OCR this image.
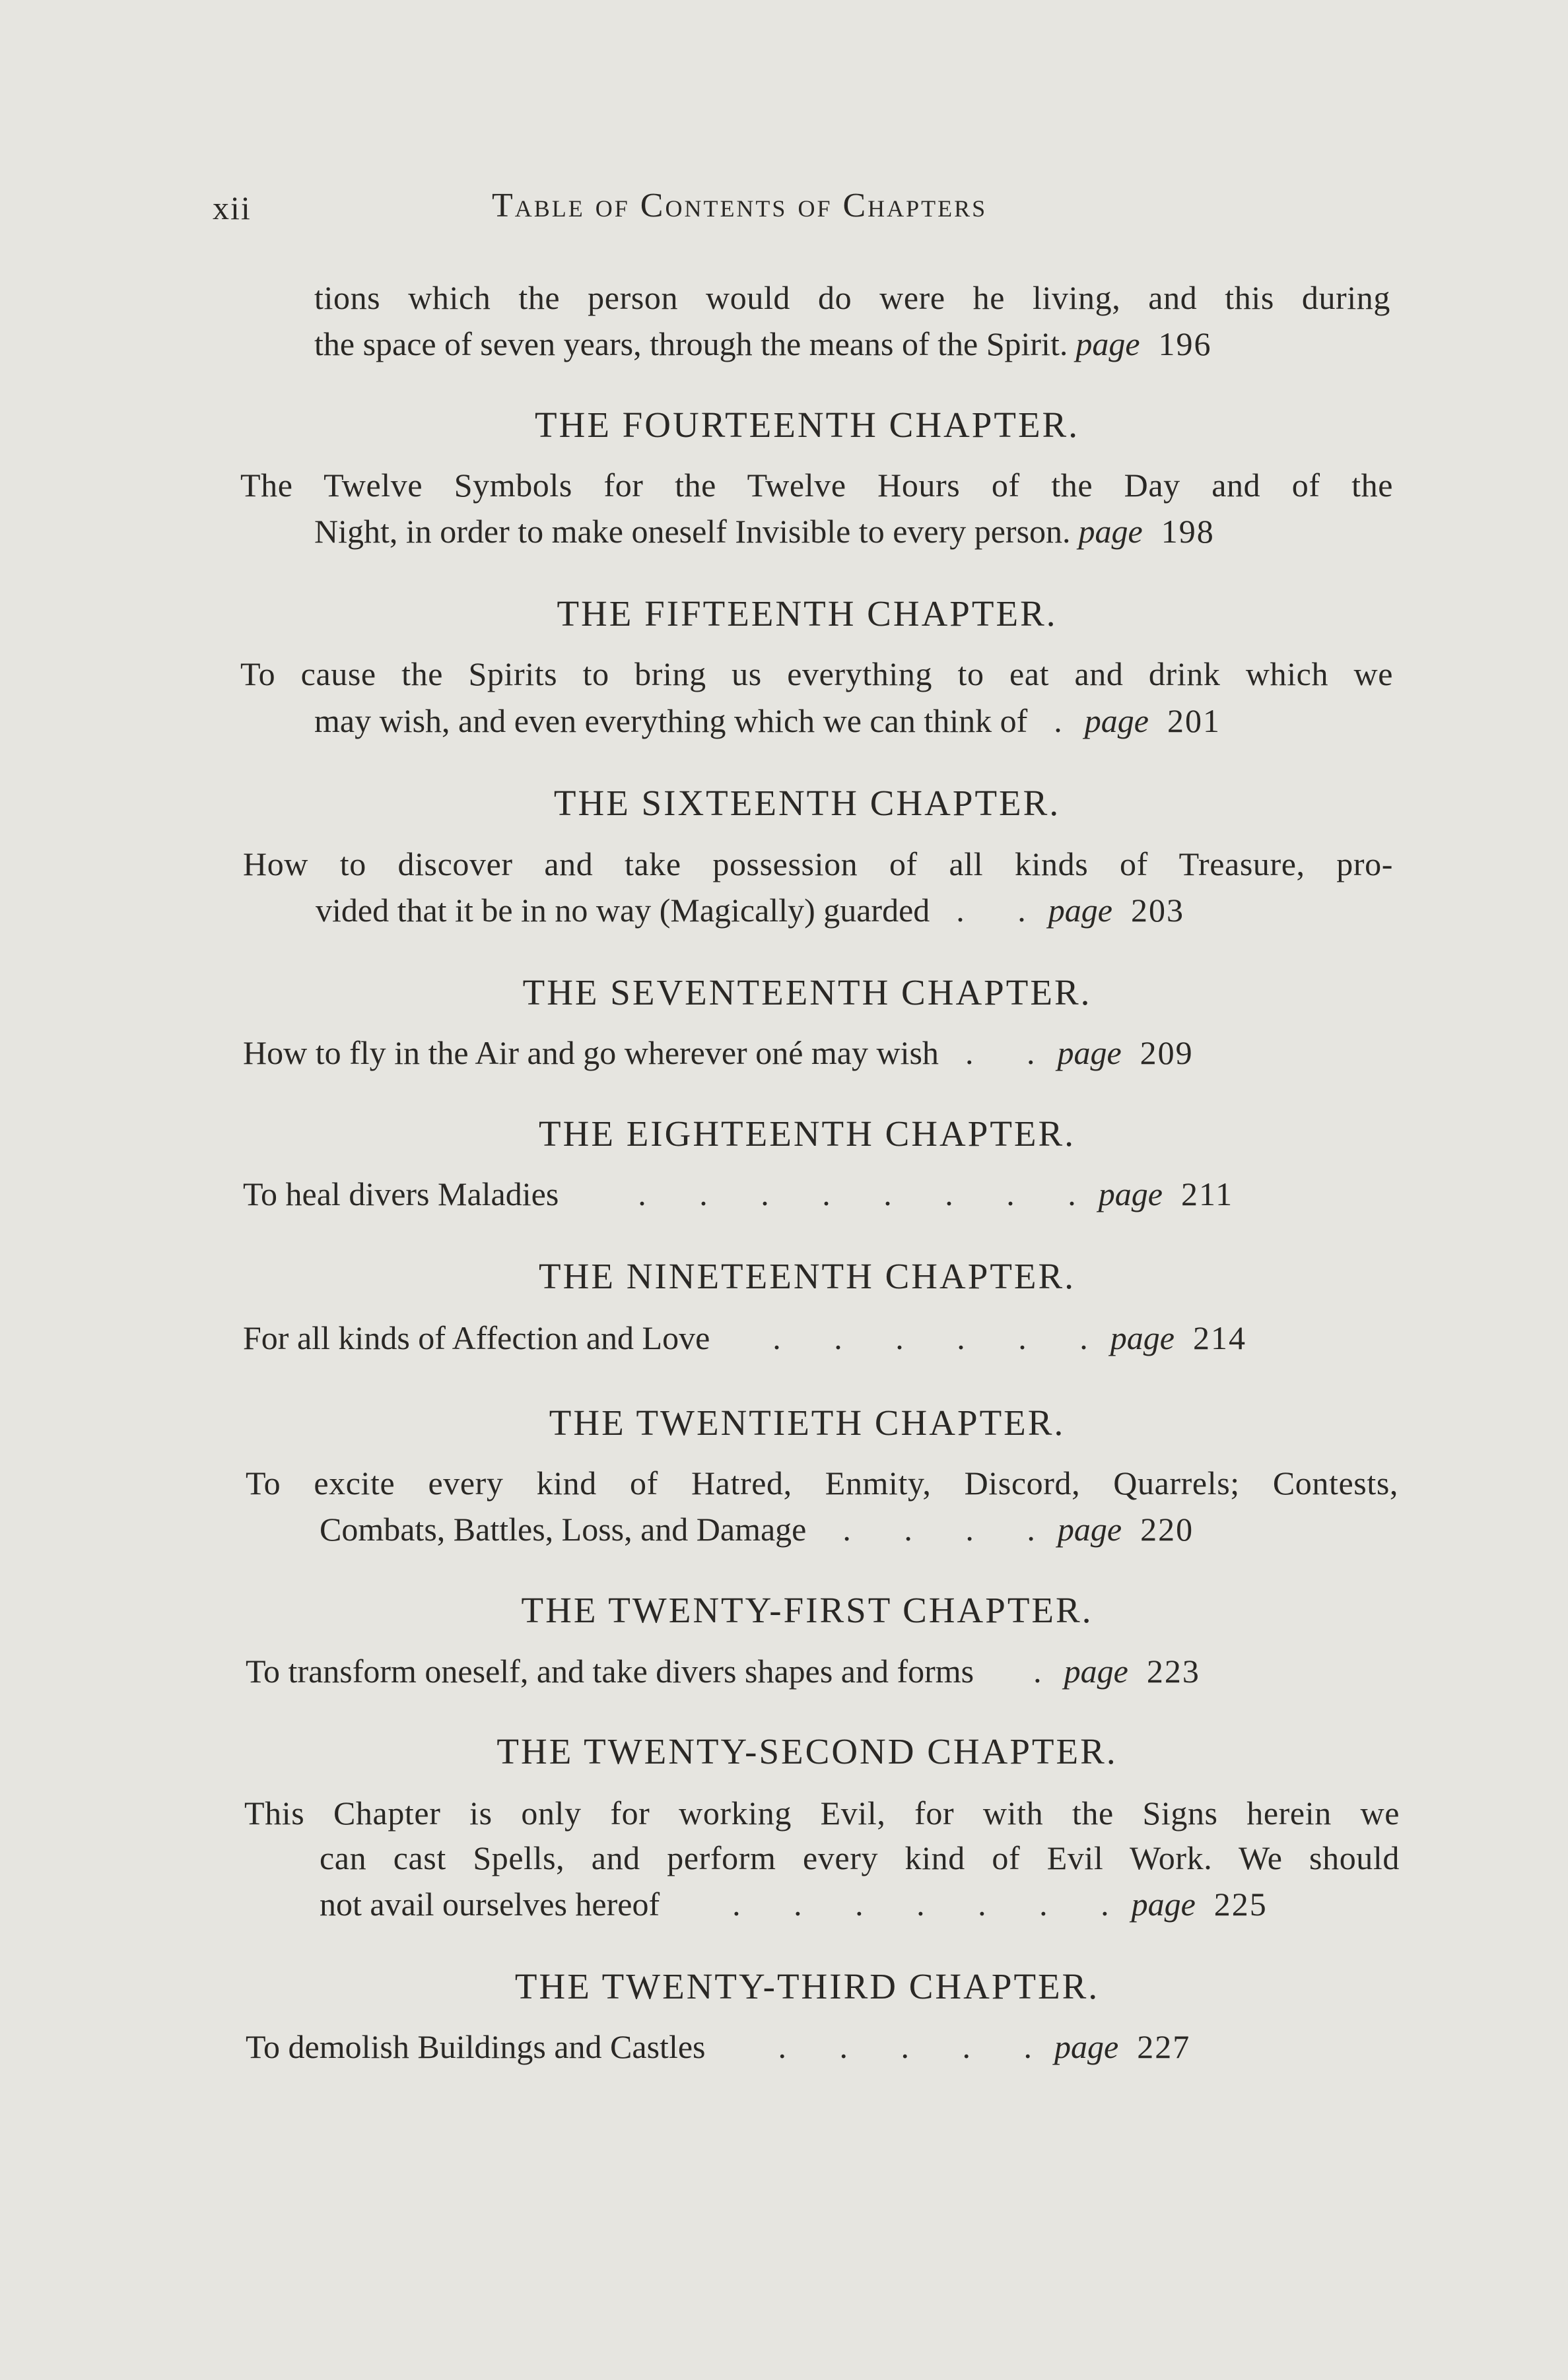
xii	Table of Contents of Chapters
tions which the person would do were he living, and this during
the space of seven years, through the means of the Spirit. page 196
THE FOURTEENTH CHAPTER.
The Twelve Symbols for the Twelve Hours of the Day and of the
Night, in order to make oneself Invisible to every person. page 198
THE FIFTEENTH CHAPTER.
To cause the Spirits to bring us everything to eat and drink which we
may wish, and even everything which we can think of . page 201
THE SIXTEENTH CHAPTER.
How to discover and take possession of all kinds of Treasure, pro-
vided that it be in no way (Magically) guarded . . page 203
THE SEVENTEENTH CHAPTER.
How to fly in the Air and go wherever oné may wish . . page 209
THE EIGHTEENTH CHAPTER.
To heal divers Maladies . . . . . . . . page 211
THE NINETEENTH CHAPTER.
For all kinds of Affection and Love . . . . . . page 214
THE TWENTIETH CHAPTER.
To excite every kind of Hatred, Enmity, Discord, Quarrels; Contests,
Combats, Battles, Loss, and Damage . . . . page 220
THE TWENTY-FIRST CHAPTER.
To transform oneself, and take divers shapes and forms . page 223
THE TWENTY-SECOND CHAPTER.
This Chapter is only for working Evil, for with the Signs herein we
can cast Spells, and perform every kind of Evil Work. We should
not avail ourselves hereof . . . . . . . page 225
THE TWENTY-THIRD CHAPTER.
To demolish Buildings and Castles . . . . . page 227
